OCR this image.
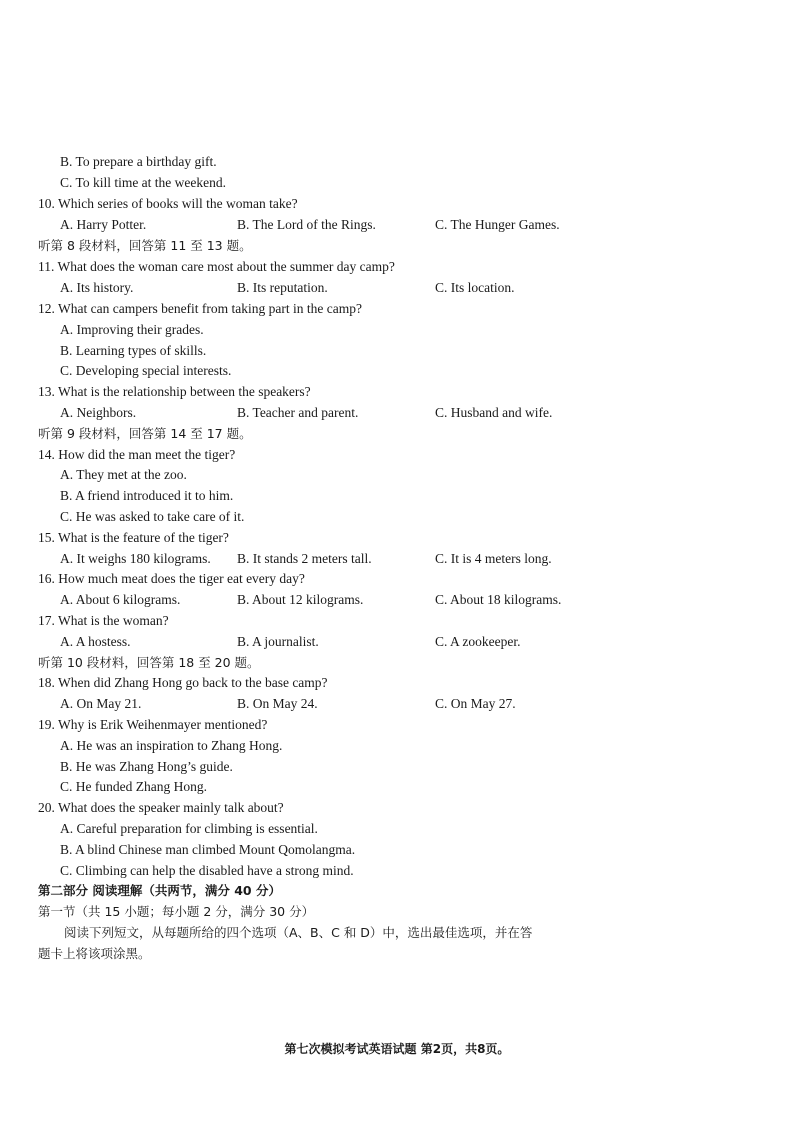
B. To prepare a birthday gift.
C. To kill time at the weekend.
10. Which series of books will the woman take?
A. Harry Potter.	B. The Lord of the Rings.	C. The Hunger Games.
听第 8 段材料，回答第 11 至 13 题。
11. What does the woman care most about the summer day camp?
A. Its history.	B. Its reputation.	C. Its location.
12. What can campers benefit from taking part in the camp?
A. Improving their grades.
B. Learning types of skills.
C. Developing special interests.
13. What is the relationship between the speakers?
A. Neighbors.	B. Teacher and parent.	C. Husband and wife.
听第 9 段材料，回答第 14 至 17 题。
14. How did the man meet the tiger?
A. They met at the zoo.
B. A friend introduced it to him.
C. He was asked to take care of it.
15. What is the feature of the tiger?
A. It weighs 180 kilograms. B. It stands 2 meters tall.	C. It is 4 meters long.
16. How much meat does the tiger eat every day?
A. About 6 kilograms.	B. About 12 kilograms.	C. About 18 kilograms.
17. What is the woman?
A. A hostess.	B. A journalist.	C. A zookeeper.
听第 10 段材料，回答第 18 至 20 题。
18. When did Zhang Hong go back to the base camp?
A. On May 21.	B. On May 24.	C. On May 27.
19. Why is Erik Weihenmayer mentioned?
A. He was an inspiration to Zhang Hong.
B. He was Zhang Hong’s guide.
C. He funded Zhang Hong.
20. What does the speaker mainly talk about?
A. Careful preparation for climbing is essential.
B. A blind Chinese man climbed Mount Qomolangma.
C. Climbing can help the disabled have a strong mind.
第二部分 阅读理解（共两节，满分 40 分）
第一节（共 15 小题；每小题 2 分，满分 30 分）
阅读下列短文，从每题所给的四个选项（A、B、C 和 D）中，选出最佳选项，并在答
题卡上将该项涂黑。
第七次模拟考试英语试题 第2页，共8页。
